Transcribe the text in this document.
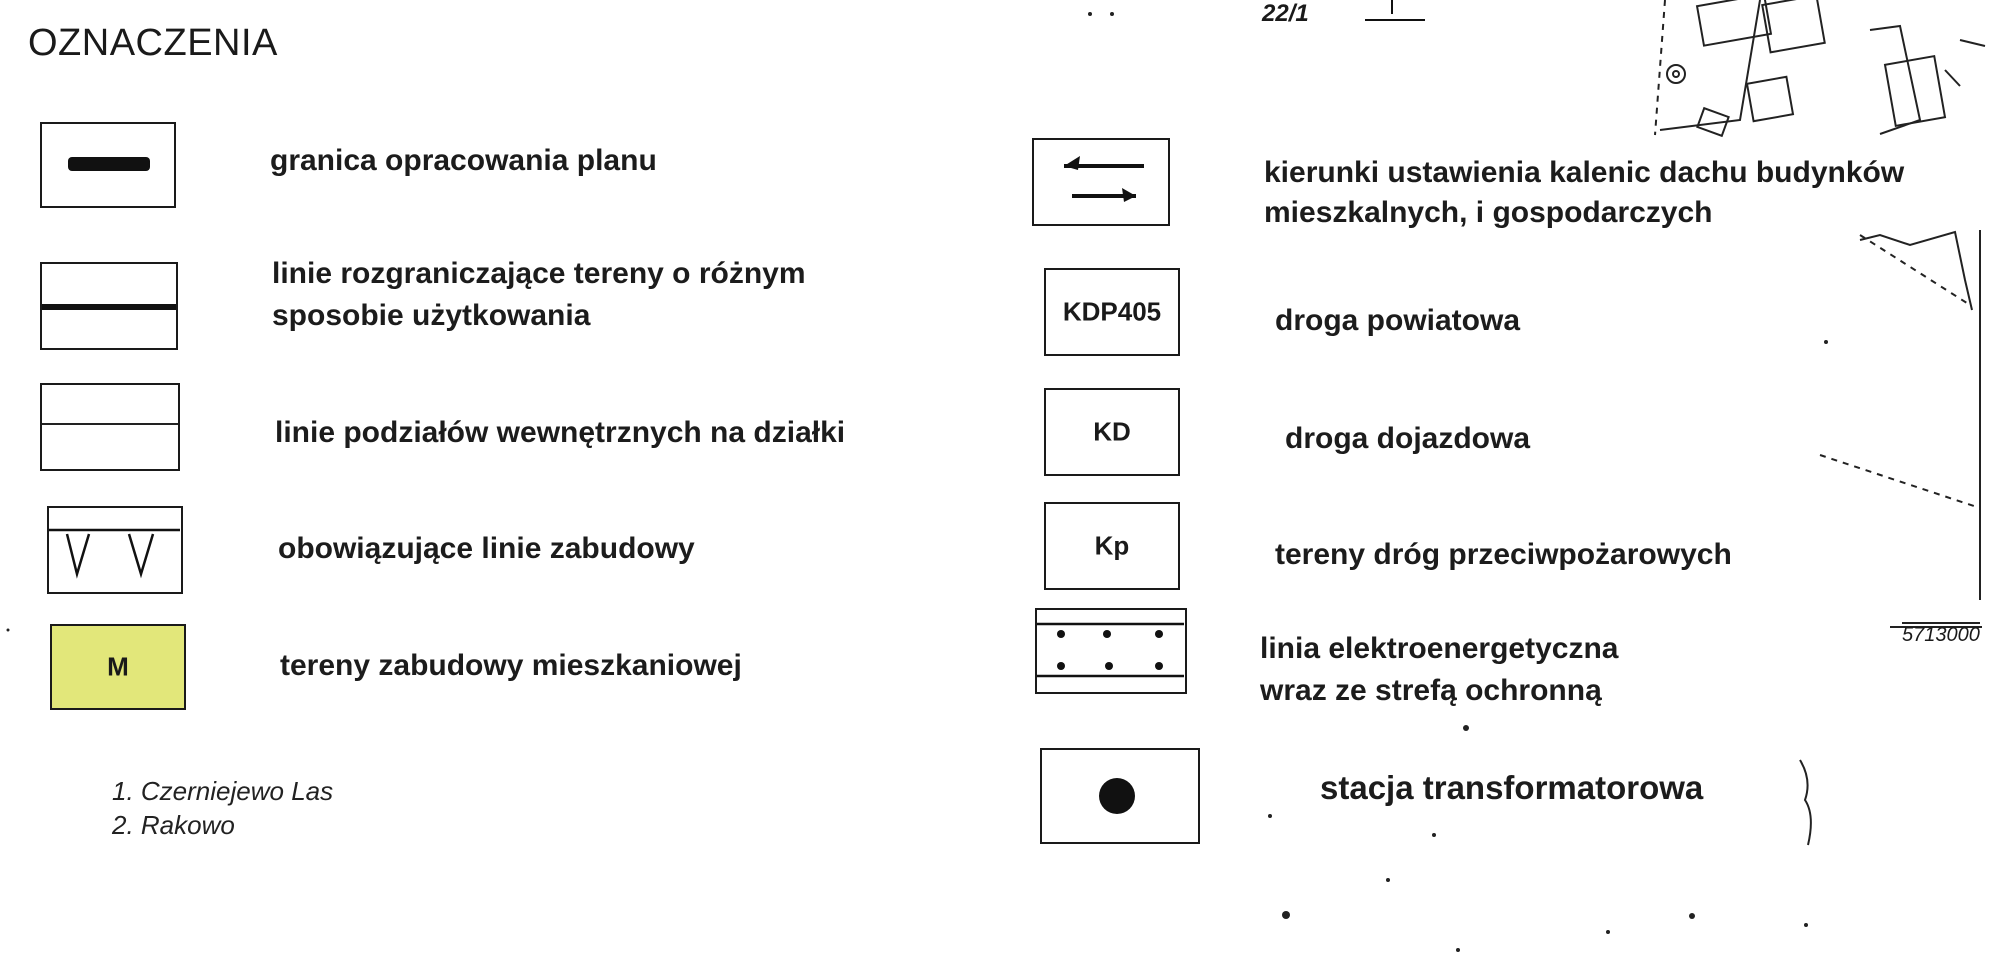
OZNACZENIA
granica opracowania planu
linie rozgraniczające tereny o różnym
sposobie użytkowania
linie podziałów wewnętrznych na działki
obowiązujące linie zabudowy
M	tereny zabudowy mieszkaniowej
1. Czerniejewo Las
2. Rakowo
kierunki ustawienia kalenic dachu budynków
mieszkalnych, i gospodarczych
KDP405	droga powiatowa
KD	droga dojazdowa
Kp	tereny dróg przeciwpożarowych
linia elektroenergetyczna
wraz ze strefą ochronną
stacja transformatorowa
22/1
5713000
